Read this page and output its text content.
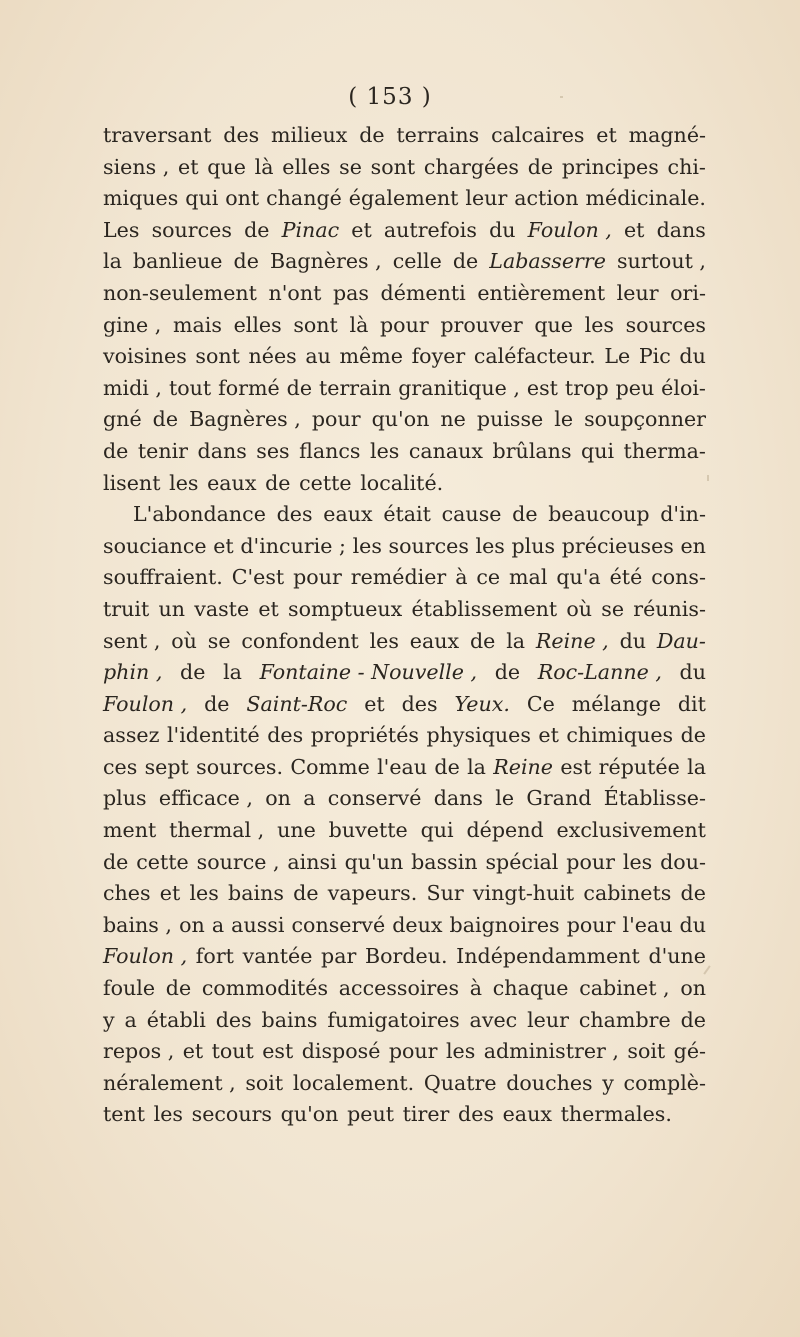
( 153 )
traversant des milieux de terrains calcaires et magné-
siens , et que là elles se sont chargées de principes chi-
miques qui ont changé également leur action médicinale.
Les sources de Pinac et autrefois du Foulon , et dans
la banlieue de Bagnères , celle de Labasserre surtout ,
non-seulement n'ont pas démenti entièrement leur ori-
gine , mais elles sont là pour prouver que les sources
voisines sont nées au même foyer caléfacteur. Le Pic du
midi , tout formé de terrain granitique , est trop peu éloi-
gné de Bagnères , pour qu'on ne puisse le soupçonner
de tenir dans ses flancs les canaux brûlans qui therma-
lisent les eaux de cette localité.
L'abondance des eaux était cause de beaucoup d'in-
souciance et d'incurie ; les sources les plus précieuses en
souffraient. C'est pour remédier à ce mal qu'a été cons-
truit un vaste et somptueux établissement où se réunis-
sent , où se confondent les eaux de la Reine , du Dau-
phin , de la Fontaine - Nouvelle , de Roc-Lanne , du
Foulon , de Saint-Roc et des Yeux. Ce mélange dit
assez l'identité des propriétés physiques et chimiques de
ces sept sources. Comme l'eau de la Reine est réputée la
plus efficace , on a conservé dans le Grand Établisse-
ment thermal , une buvette qui dépend exclusivement
de cette source , ainsi qu'un bassin spécial pour les dou-
ches et les bains de vapeurs. Sur vingt-huit cabinets de
bains , on a aussi conservé deux baignoires pour l'eau du
Foulon , fort vantée par Bordeu. Indépendamment d'une
foule de commodités accessoires à chaque cabinet , on
y a établi des bains fumigatoires avec leur chambre de
repos , et tout est disposé pour les administrer , soit gé-
néralement , soit localement. Quatre douches y complè-
tent les secours qu'on peut tirer des eaux thermales.
